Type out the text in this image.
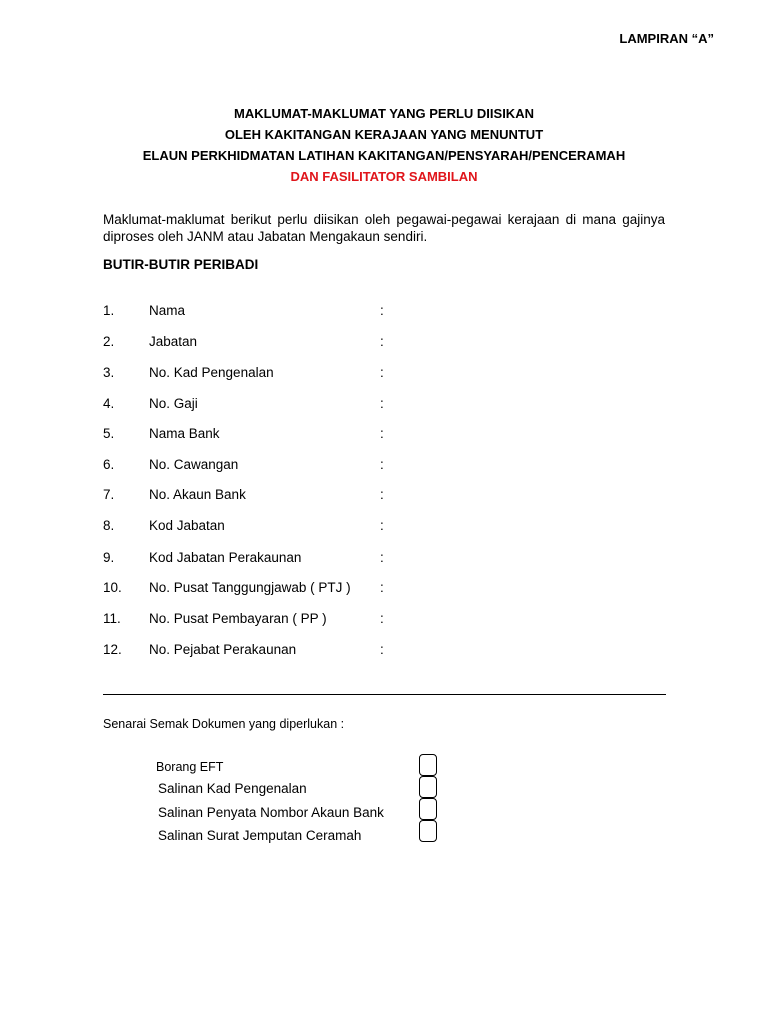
LAMPIRAN “A”
MAKLUMAT-MAKLUMAT YANG PERLU DIISIKAN
OLEH KAKITANGAN KERAJAAN YANG MENUNTUT
ELAUN PERKHIDMATAN LATIHAN KAKITANGAN/PENSYARAH/PENCERAMAH
DAN FASILITATOR SAMBILAN
Maklumat-maklumat berikut perlu diisikan oleh pegawai-pegawai kerajaan di mana gajinya diproses oleh JANM atau Jabatan Mengakaun sendiri.
BUTIR-BUTIR PERIBADI
1.	Nama	:
2.	Jabatan	:
3.	No. Kad Pengenalan	:
4.	No. Gaji	:
5.	Nama Bank	:
6.	No. Cawangan	:
7.	No. Akaun Bank	:
8.	Kod Jabatan	:
9.	Kod Jabatan Perakaunan	:
10. No. Pusat Tanggungjawab ( PTJ ) :
11. No. Pusat Pembayaran ( PP )	:
12. No. Pejabat Perakaunan	:
Senarai Semak Dokumen yang diperlukan :
Borang EFT
Salinan Kad Pengenalan
Salinan Penyata Nombor Akaun Bank
Salinan Surat Jemputan Ceramah
